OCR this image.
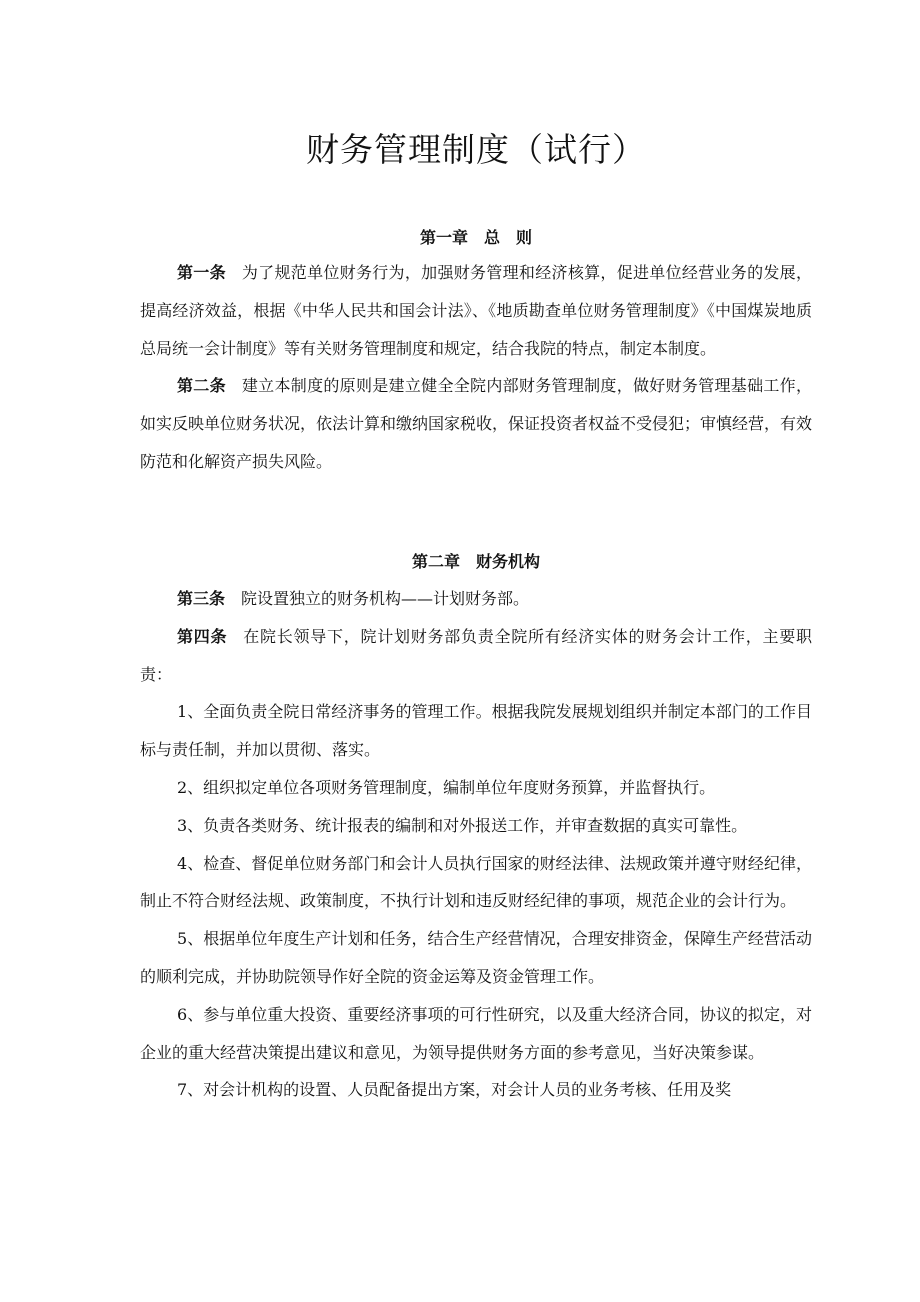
财务管理制度（试行）
第一章　总　则

第一条 为了规范单位财务行为，加强财务管理和经济核算，促进单位经营业务的发展，提高经济效益，根据《中华人民共和国会计法》、《地质勘查单位财务管理制度》《中国煤炭地质总局统一会计制度》等有关财务管理制度和规定，结合我院的特点，制定本制度。

第二条 建立本制度的原则是建立健全全院内部财务管理制度，做好财务管理基础工作，如实反映单位财务状况，依法计算和缴纳国家税收，保证投资者权益不受侵犯；审慎经营，有效防范和化解资产损失风险。

第二章　财务机构

第三条 院设置独立的财务机构——计划财务部。

第四条 在院长领导下，院计划财务部负责全院所有经济实体的财务会计工作，主要职责：

1、全面负责全院日常经济事务的管理工作。根据我院发展规划组织并制定本部门的工作目标与责任制，并加以贯彻、落实。

2、组织拟定单位各项财务管理制度，编制单位年度财务预算，并监督执行。

3、负责各类财务、统计报表的编制和对外报送工作，并审查数据的真实可靠性。

4、检查、督促单位财务部门和会计人员执行国家的财经法律、法规政策并遵守财经纪律，制止不符合财经法规、政策制度，不执行计划和违反财经纪律的事项，规范企业的会计行为。

5、根据单位年度生产计划和任务，结合生产经营情况，合理安排资金，保障生产经营活动的顺利完成，并协助院领导作好全院的资金运筹及资金管理工作。

6、参与单位重大投资、重要经济事项的可行性研究，以及重大经济合同，协议的拟定，对企业的重大经营决策提出建议和意见，为领导提供财务方面的参考意见，当好决策参谋。

7、对会计机构的设置、人员配备提出方案，对会计人员的业务考核、任用及奖
